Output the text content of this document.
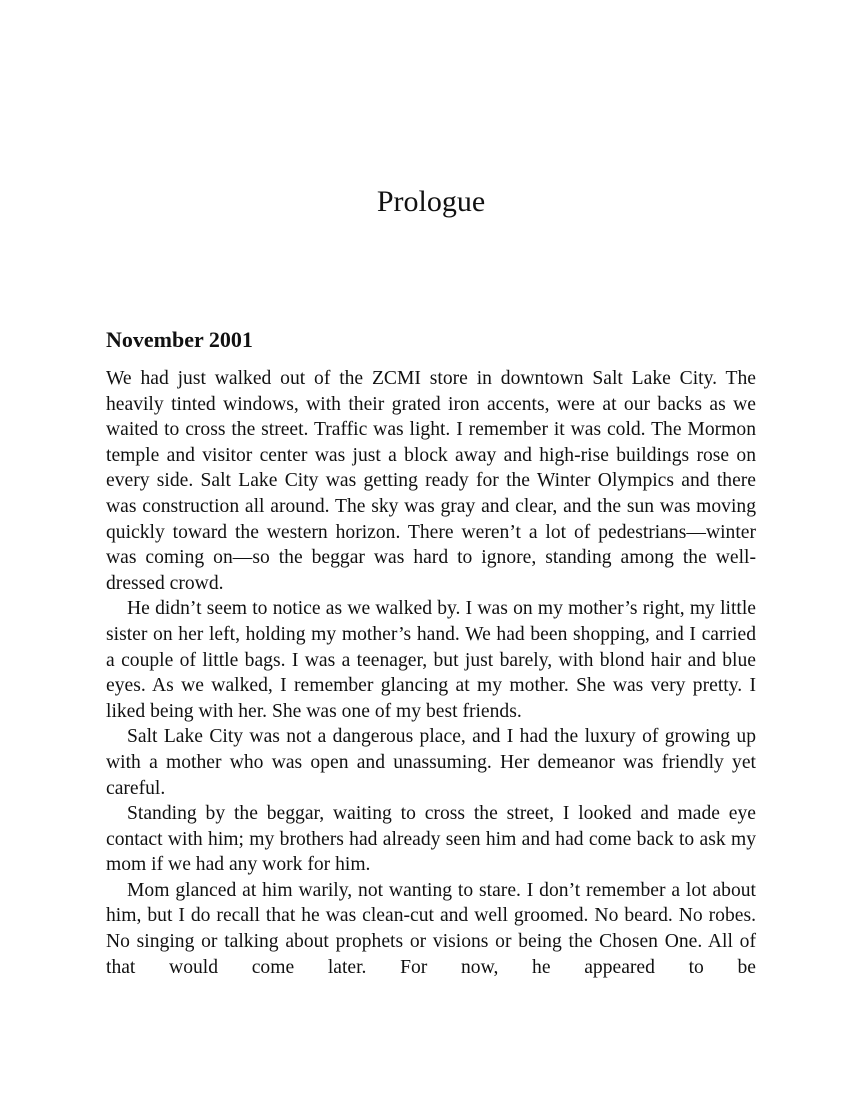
Prologue
November 2001

We had just walked out of the ZCMI store in downtown Salt Lake City. The heavily tinted windows, with their grated iron accents, were at our backs as we waited to cross the street. Traffic was light. I remember it was cold. The Mormon temple and visitor center was just a block away and high-rise buildings rose on every side. Salt Lake City was getting ready for the Winter Olympics and there was construction all around. The sky was gray and clear, and the sun was moving quickly toward the western horizon. There weren’t a lot of pedestrians—winter was coming on—so the beggar was hard to ignore, standing among the well-dressed crowd.

He didn’t seem to notice as we walked by. I was on my mother’s right, my little sister on her left, holding my mother’s hand. We had been shopping, and I carried a couple of little bags. I was a teenager, but just barely, with blond hair and blue eyes. As we walked, I remember glancing at my mother. She was very pretty. I liked being with her. She was one of my best friends.

Salt Lake City was not a dangerous place, and I had the luxury of growing up with a mother who was open and unassuming. Her demeanor was friendly yet careful.

Standing by the beggar, waiting to cross the street, I looked and made eye contact with him; my brothers had already seen him and had come back to ask my mom if we had any work for him.

Mom glanced at him warily, not wanting to stare. I don’t remember a lot about him, but I do recall that he was clean-cut and well groomed. No beard. No robes. No singing or talking about prophets or visions or being the Chosen One. All of that would come later. For now, he appeared to be
